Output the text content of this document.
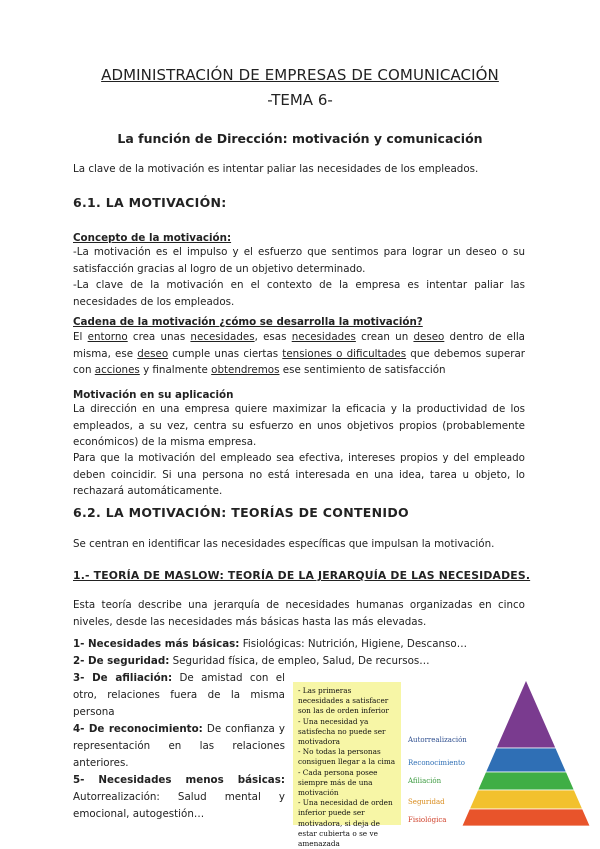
ADMINISTRACIÓN DE EMPRESAS DE COMUNICACIÓN
-TEMA 6-
La función de Dirección: motivación y comunicación
La clave de la motivación es intentar paliar las necesidades de los empleados.
6.1. LA MOTIVACIÓN:
Concepto de la motivación:
-La motivación es el impulso y el esfuerzo que sentimos para lograr un deseo o su satisfacción gracias al logro de un objetivo determinado.
-La clave de la motivación en el contexto de la empresa es intentar paliar las necesidades de los empleados.
Cadena de la motivación ¿cómo se desarrolla la motivación?
El entorno crea unas necesidades, esas necesidades crean un deseo dentro de ella misma, ese deseo cumple unas ciertas tensiones o dificultades que debemos superar con acciones y finalmente obtendremos ese sentimiento de satisfacción
Motivación en su aplicación
La dirección en una empresa quiere maximizar la eficacia y la productividad de los empleados, a su vez, centra su esfuerzo en unos objetivos propios (probablemente económicos) de la misma empresa.
Para que la motivación del empleado sea efectiva, intereses propios y del empleado deben coincidir. Si una persona no está interesada en una idea, tarea u objeto, lo rechazará automáticamente.
6.2. LA MOTIVACIÓN: TEORÍAS DE CONTENIDO
Se centran en identificar las necesidades específicas que impulsan la motivación.
1.- TEORÍA DE MASLOW: TEORÍA DE LA JERARQUÍA DE LAS NECESIDADES.
Esta teoría describe una jerarquía de necesidades humanas organizadas en cinco niveles, desde las necesidades más básicas hasta las más elevadas.
1- Necesidades más básicas: Fisiológicas: Nutrición, Higiene, Descanso…
2- De seguridad: Seguridad física, de empleo, Salud, De recursos…
3- De afiliación: De amistad con el otro, relaciones fuera de la misma persona
4- De reconocimiento: De confianza y representación en las relaciones anteriores.
5- Necesidades menos básicas: Autorrealización: Salud mental y emocional, autogestión…
- Las primeras necesidades a satisfacer son las de orden inferior
- Una necesidad ya satisfecha no puede ser motivadora
- No todas la personas consiguen llegar a la cima
- Cada persona posee siempre más de una motivación
- Una necesidad de orden inferior puede ser motivadora, si deja de estar cubierta o se ve amenazada
Autorrealización
Reconocimiento
Afiliación
Seguridad
Fisiológica
